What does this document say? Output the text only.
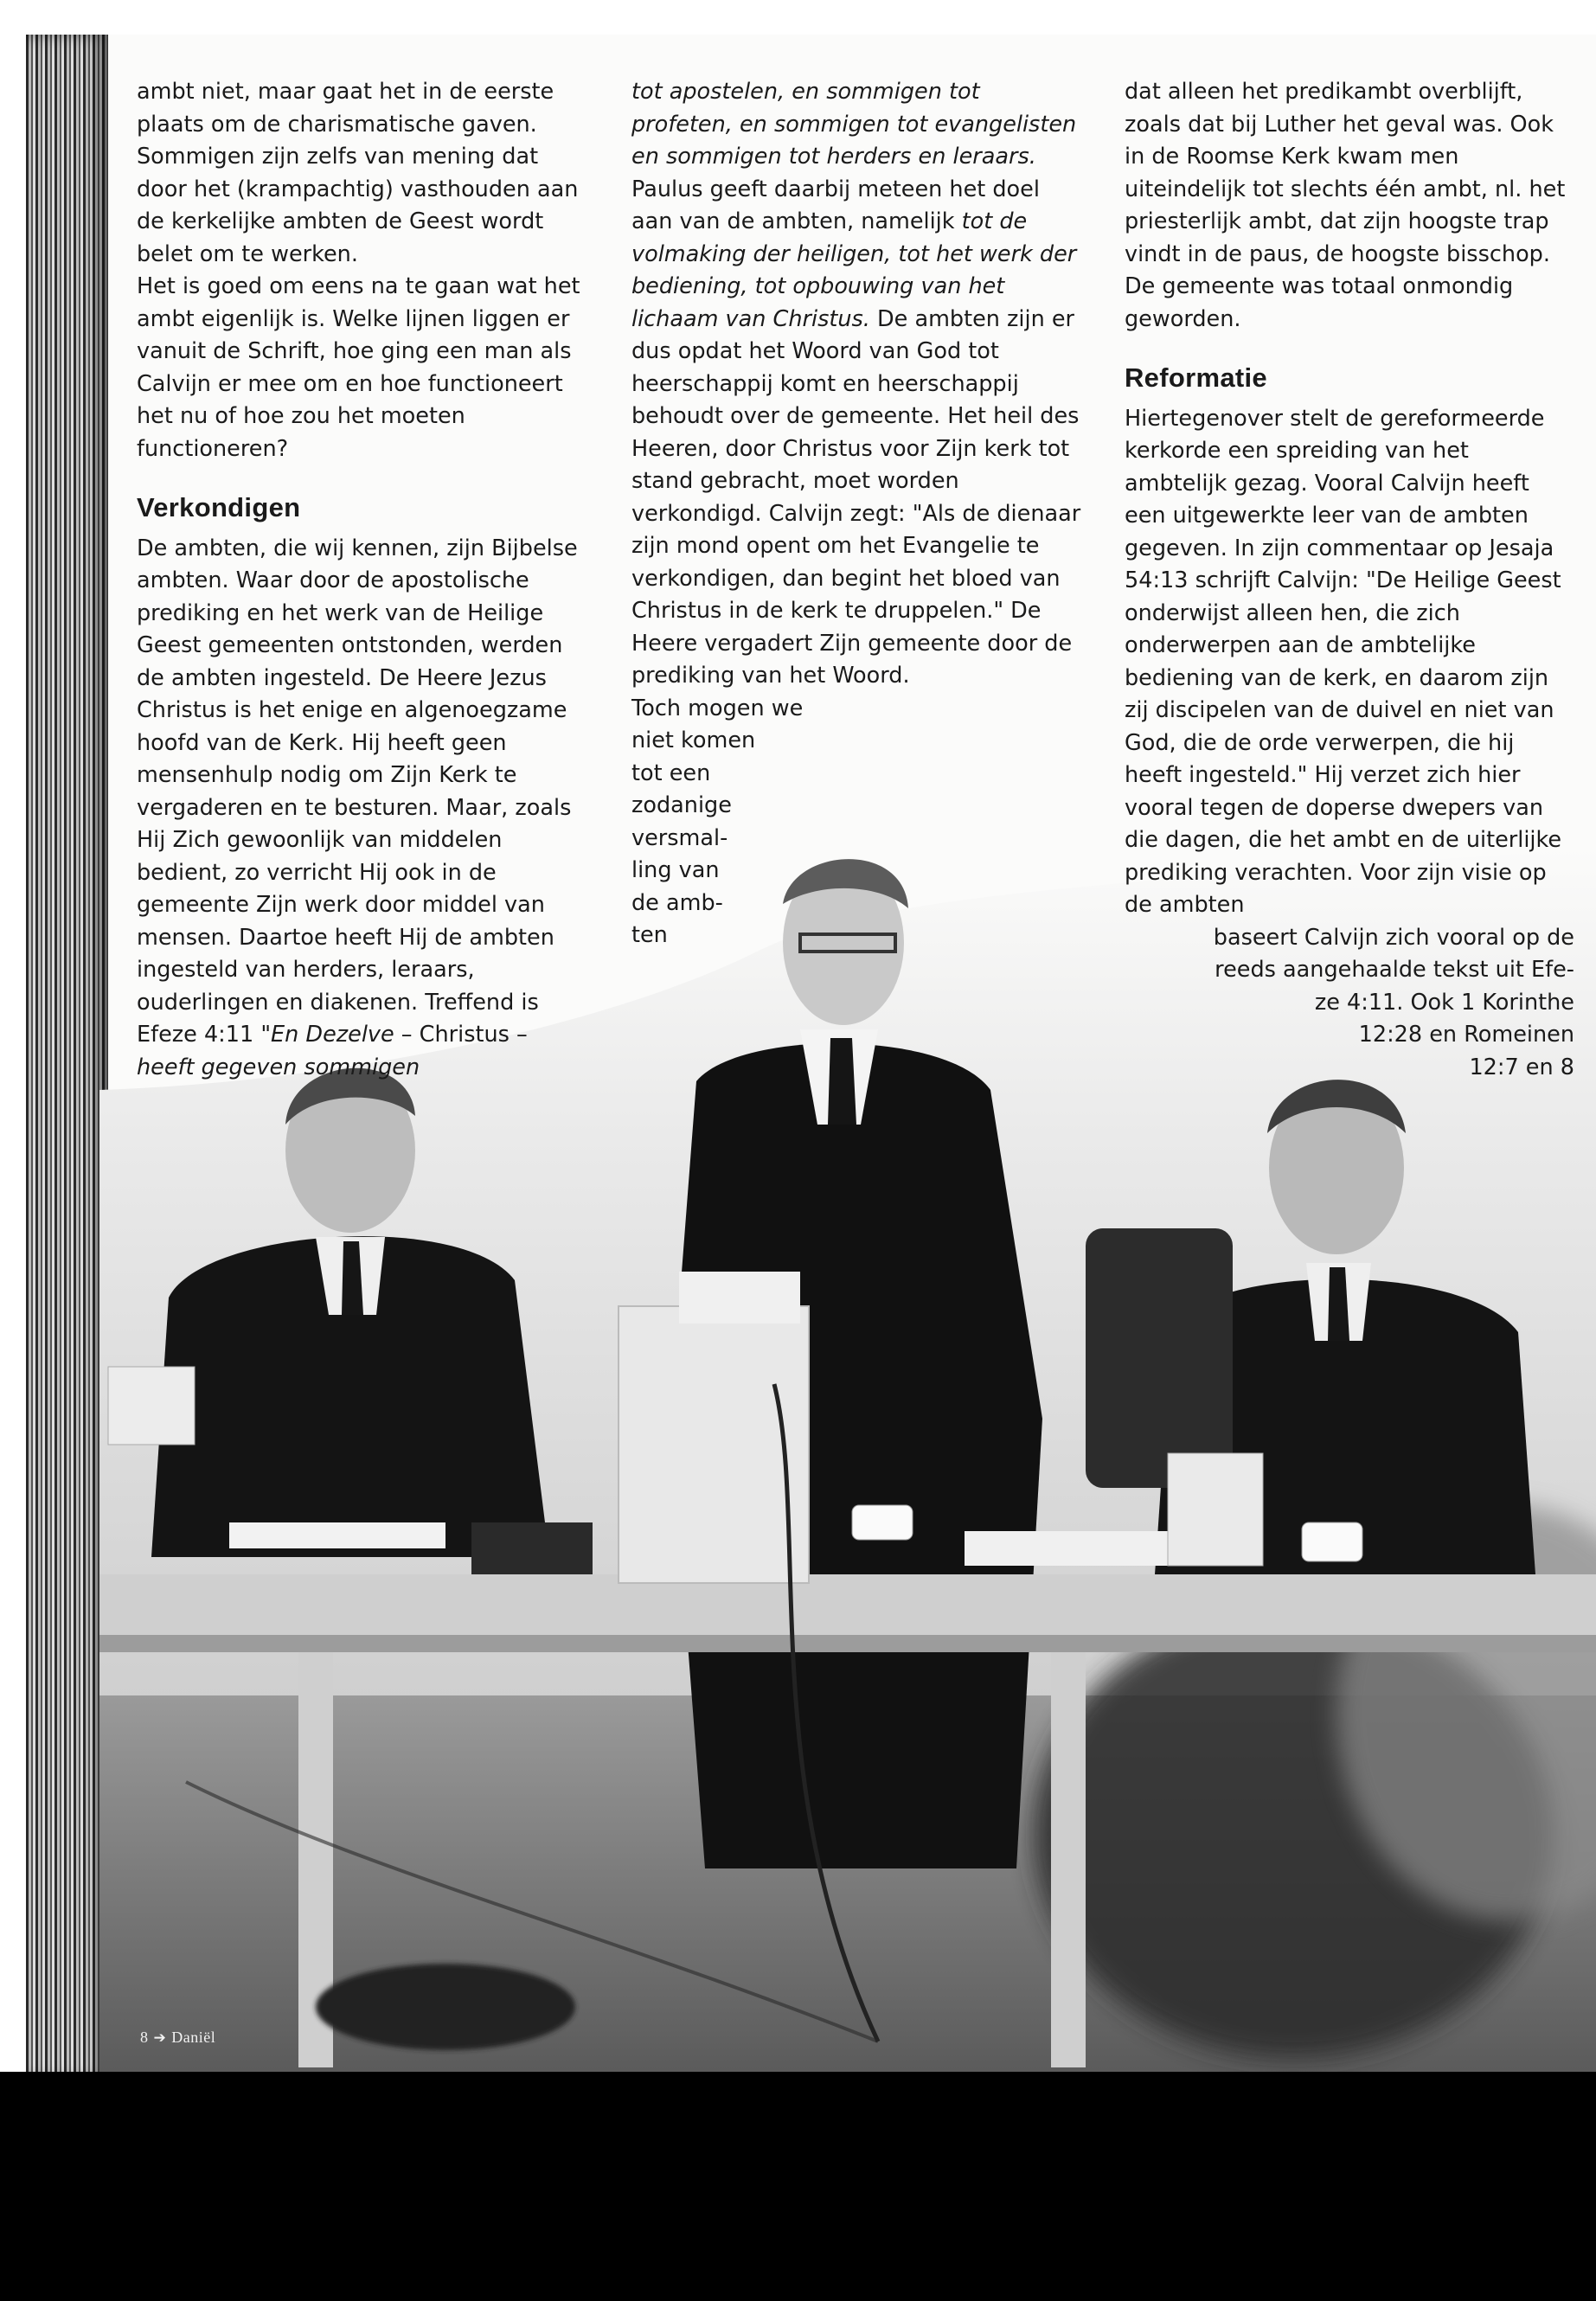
ambt niet, maar gaat het in de eerste plaats om de charismatische gaven. Sommigen zijn zelfs van mening dat door het (krampachtig) vasthouden aan de kerkelijke ambten de Geest wordt belet om te werken.

Het is goed om eens na te gaan wat het ambt eigenlijk is. Welke lijnen liggen er vanuit de Schrift, hoe ging een man als Calvijn er mee om en hoe functioneert het nu of hoe zou het moeten functioneren?

Verkondigen

De ambten, die wij kennen, zijn Bijbelse ambten. Waar door de apostolische prediking en het werk van de Heilige Geest gemeenten ontstonden, werden de ambten ingesteld. De Heere Jezus Christus is het enige en algenoegzame hoofd van de Kerk. Hij heeft geen mensenhulp nodig om Zijn Kerk te vergaderen en te besturen. Maar, zoals Hij Zich gewoonlijk van middelen bedient, zo verricht Hij ook in de gemeente Zijn werk door middel van mensen. Daartoe heeft Hij de ambten ingesteld van herders, leraars, ouderlingen en diakenen. Treffend is Efeze 4:11 "En Dezelve – Christus – heeft gegeven sommigen

tot apostelen, en sommigen tot profeten, en sommigen tot evangelisten en sommigen tot herders en leraars. Paulus geeft daarbij meteen het doel aan van de ambten, namelijk tot de volmaking der heiligen, tot het werk der bediening, tot opbouwing van het lichaam van Christus. De ambten zijn er dus opdat het Woord van God tot heerschappij komt en heerschappij behoudt over de gemeente. Het heil des Heeren, door Christus voor Zijn kerk tot stand gebracht, moet worden verkondigd. Calvijn zegt: "Als de dienaar zijn mond opent om het Evangelie te verkondigen, dan begint het bloed van Christus in de kerk te druppelen." De Heere vergadert Zijn gemeente door de prediking van het Woord.

Toch mogen we
niet komen
tot een
zodanige
versmal-
ling van
de amb-
ten

dat alleen het predikambt overblijft, zoals dat bij Luther het geval was. Ook in de Roomse Kerk kwam men uiteindelijk tot slechts één ambt, nl. het priesterlijk ambt, dat zijn hoogste trap vindt in de paus, de hoogste bisschop. De gemeente was totaal onmondig geworden.

Reformatie

Hiertegenover stelt de gereformeerde kerkorde een spreiding van het ambtelijk gezag. Vooral Calvijn heeft een uitgewerkte leer van de ambten gegeven. In zijn commentaar op Jesaja 54:13 schrijft Calvijn: "De Heilige Geest onderwijst alleen hen, die zich onderwerpen aan de ambtelijke bediening van de kerk, en daarom zijn zij discipelen van de duivel en niet van God, die de orde verwerpen, die hij heeft ingesteld." Hij verzet zich hier vooral tegen de doperse dwepers van die dagen, die het ambt en de uiterlijke prediking verachten. Voor zijn visie op de ambten

baseert Calvijn zich vooral op de
reeds aangehaalde tekst uit Efe-
ze 4:11. Ook 1 Korinthe
12:28 en Romeinen
12:7 en 8

8 ➔ Daniël
